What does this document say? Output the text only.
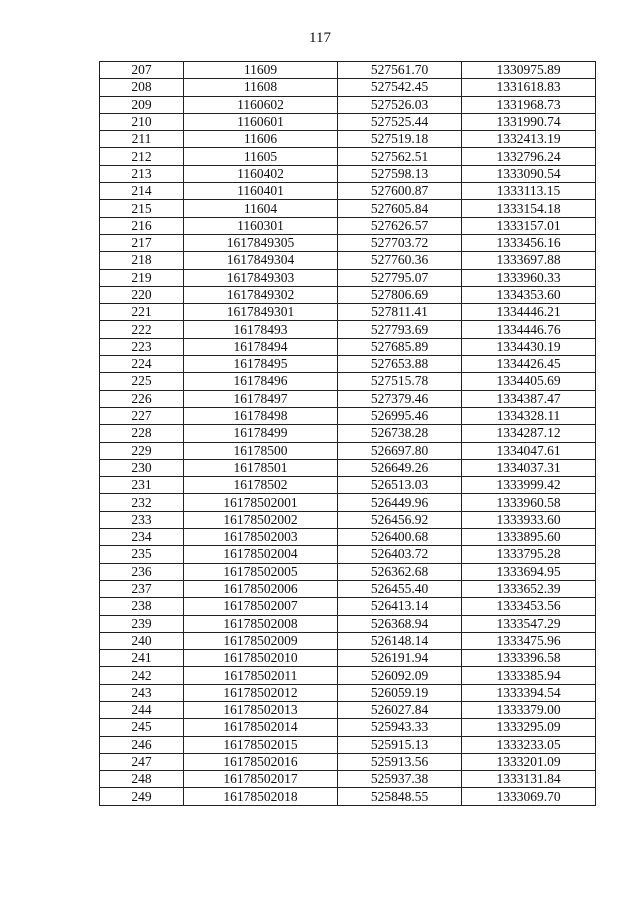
117
207	11609	527561.70	1330975.89
208	11608	527542.45	1331618.83
209	1160602	527526.03	1331968.73
210	1160601	527525.44	1331990.74
211	11606	527519.18	1332413.19
212	11605	527562.51	1332796.24
213	1160402	527598.13	1333090.54
214	1160401	527600.87	1333113.15
215	11604	527605.84	1333154.18
216	1160301	527626.57	1333157.01
217	1617849305	527703.72	1333456.16
218	1617849304	527760.36	1333697.88
219	1617849303	527795.07	1333960.33
220	1617849302	527806.69	1334353.60
221	1617849301	527811.41	1334446.21
222	16178493	527793.69	1334446.76
223	16178494	527685.89	1334430.19
224	16178495	527653.88	1334426.45
225	16178496	527515.78	1334405.69
226	16178497	527379.46	1334387.47
227	16178498	526995.46	1334328.11
228	16178499	526738.28	1334287.12
229	16178500	526697.80	1334047.61
230	16178501	526649.26	1334037.31
231	16178502	526513.03	1333999.42
232	16178502001	526449.96	1333960.58
233	16178502002	526456.92	1333933.60
234	16178502003	526400.68	1333895.60
235	16178502004	526403.72	1333795.28
236	16178502005	526362.68	1333694.95
237	16178502006	526455.40	1333652.39
238	16178502007	526413.14	1333453.56
239	16178502008	526368.94	1333547.29
240	16178502009	526148.14	1333475.96
241	16178502010	526191.94	1333396.58
242	16178502011	526092.09	1333385.94
243	16178502012	526059.19	1333394.54
244	16178502013	526027.84	1333379.00
245	16178502014	525943.33	1333295.09
246	16178502015	525915.13	1333233.05
247	16178502016	525913.56	1333201.09
248	16178502017	525937.38	1333131.84
249	16178502018	525848.55	1333069.70
